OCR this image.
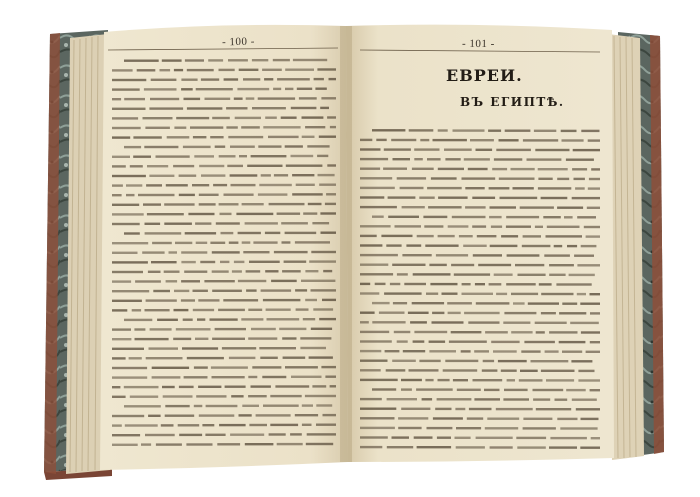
- 100 -	- 101 -
ЕВРЕИ.
ВЪ ЕГИПТѢ.
